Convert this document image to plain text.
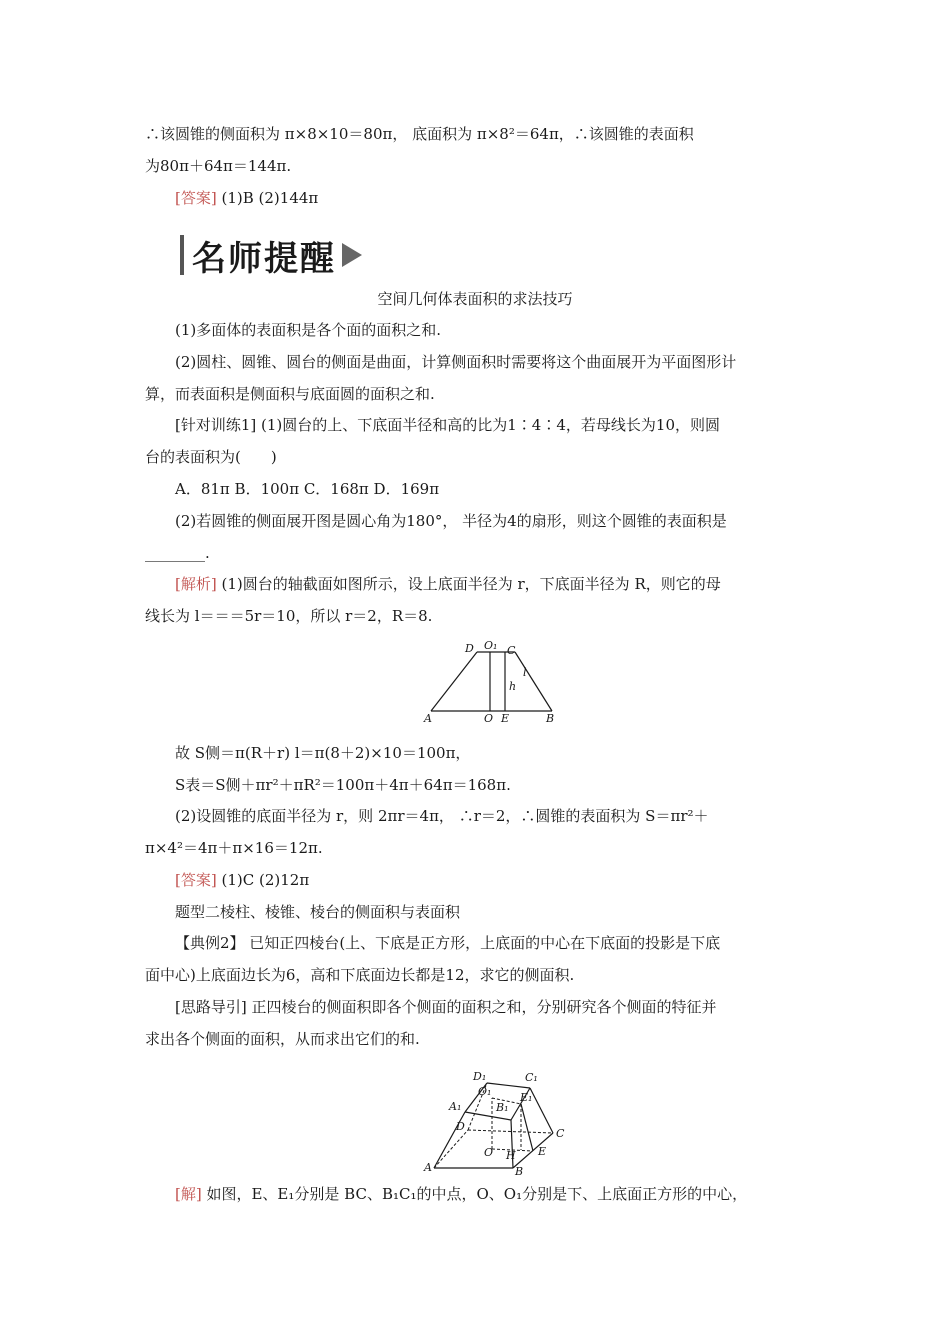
∴该圆锥的侧面积为 π×8×10＝80π， 底面积为 π×8²＝64π，∴该圆锥的表面积
为80π＋64π＝144π.
[答案] (1)B (2)144π
名师提醒
空间几何体表面积的求法技巧
(1)多面体的表面积是各个面的面积之和.
(2)圆柱、圆锥、圆台的侧面是曲面，计算侧面积时需要将这个曲面展开为平面图形计
算，而表面积是侧面积与底面圆的面积之和.
[针对训练1] (1)圆台的上、下底面半径和高的比为1∶4∶4，若母线长为10，则圆
台的表面积为(　　)
A．81π B．100π C．168π D．169π
(2)若圆锥的侧面展开图是圆心角为180°， 半径为4的扇形，则这个圆锥的表面积是
________.
[解析] (1)圆台的轴截面如图所示，设上底面半径为 r，下底面半径为 R，则它的母
线长为 l＝＝＝5r＝10，所以 r＝2，R＝8.
D O₁ C
l
h
A	O E	B
故 S侧＝π(R＋r) l＝π(8＋2)×10＝100π，
S表＝S侧＋πr²＋πR²＝100π＋4π＋64π＝168π.
(2)设圆锥的底面半径为 r，则 2πr＝4π， ∴r＝2，∴圆锥的表面积为 S＝πr²＋
π×4²＝4π＋π×16＝12π.
[答案] (1)C (2)12π
题型二棱柱、棱锥、棱台的侧面积与表面积
【典例2】 已知正四棱台(上、下底是正方形，上底面的中心在下底面的投影是下底
面中心)上底面边长为6，高和下底面边长都是12，求它的侧面积.
[思路导引] 正四棱台的侧面积即各个侧面的面积之和，分别研究各个侧面的特征并
求出各个侧面的面积，从而求出它们的和.
D₁	C₁
A₁
O₁
B₁
E₁
D
C
O H E
A	B
[解] 如图，E、E₁分别是 BC、B₁C₁的中点，O、O₁分别是下、上底面正方形的中心，
